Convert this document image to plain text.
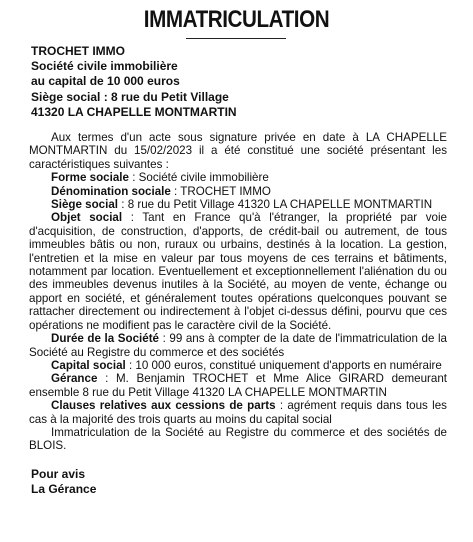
IMMATRICULATION
TROCHET IMMO
Société civile immobilière
au capital de 10 000 euros
Siège social : 8 rue du Petit Village
41320 LA CHAPELLE MONTMARTIN

Aux termes d'un acte sous signature privée en date à LA CHAPELLE MONTMARTIN du 15/02/2023 il a été constitué une société présentant les caractéristiques suivantes :

Forme sociale : Société civile immobilière

Dénomination sociale : TROCHET IMMO

Siège social : 8 rue du Petit Village 41320 LA CHAPELLE MONTMARTIN

Objet social : Tant en France qu'à l'étranger, la propriété par voie d'acquisition, de construction, d'apports, de crédit-bail ou autrement, de tous immeubles bâtis ou non, ruraux ou urbains, destinés à la location. La gestion, l'entretien et la mise en valeur par tous moyens de ces terrains et bâtiments, notamment par location. Eventuellement et exceptionnellement l'aliénation du ou des immeubles devenus inutiles à la Société, au moyen de vente, échange ou apport en société, et généralement toutes opérations quelconques pouvant se rattacher directement ou indirectement à l'objet ci-dessus défini, pourvu que ces opérations ne modifient pas le caractère civil de la Société.

Durée de la Société : 99 ans à compter de la date de l'immatriculation de la Société au Registre du commerce et des sociétés

Capital social : 10 000 euros, constitué uniquement d'apports en numéraire

Gérance : M. Benjamin TROCHET et Mme Alice GIRARD demeurant ensemble 8 rue du Petit Village 41320 LA CHAPELLE MONTMARTIN

Clauses relatives aux cessions de parts : agrément requis dans tous les cas à la majorité des trois quarts au moins du capital social

Immatriculation de la Société au Registre du commerce et des sociétés de BLOIS.

Pour avis
La Gérance
